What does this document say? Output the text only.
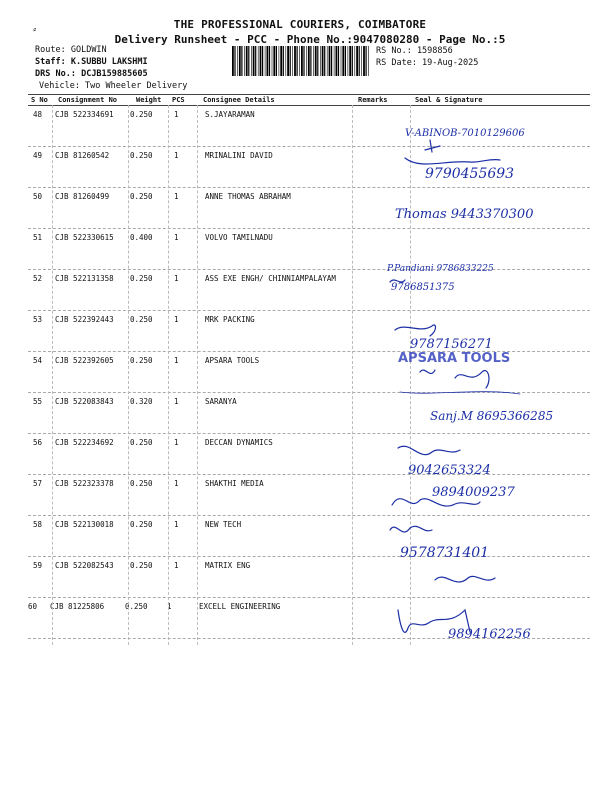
⸗	THE PROFESSIONAL COURIERS, COIMBATORE
Delivery Runsheet - PCC - Phone No.:9047080280 - Page No.:5
Route: GOLDWIN
Staff: K.SUBBU LAKSHMI
DRS No.: DCJB159885605
Vehicle: Two Wheeler Delivery
RS No.: 1598856
RS Date: 19-Aug-2025
S No Consignment No	Weight PCS	Consignee Details	Remarks	Seal & Signature
48 CJB 522334691 0.250	1	S.JAYARAMAN
49 CJB 81260542	0.250	1	MRINALINI DAVID
50 CJB 81260499	0.250	1	ANNE THOMAS ABRAHAM
51 CJB 522330615 0.400	1	VOLVO TAMILNADU
52 CJB 522131358 0.250	1	ASS EXE ENGH/ CHINNIAMPALAYAM
53 CJB 522392443 0.250	1	MRK PACKING
54 CJB 522392605 0.250	1	APSARA TOOLS
55 CJB 522083843 0.320	1	SARANYA
56 CJB 522234692 0.250	1	DECCAN DYNAMICS
57 CJB 522323378 0.250	1	SHAKTHI MEDIA
58 CJB 522130018 0.250	1	NEW TECH
59 CJB 522082543 0.250	1	MATRIX ENG
60 CJB 81225806	0.250	1	EXCELL ENGINEERING
V-ABINOB-7010129606
9790455693
Thomas 9443370300
P.Pandiani 9786833225
9786851375
9787156271
APSARA TOOLS
Sanj.M 8695366285
9042653324
9894009237
9578731401
9894162256
